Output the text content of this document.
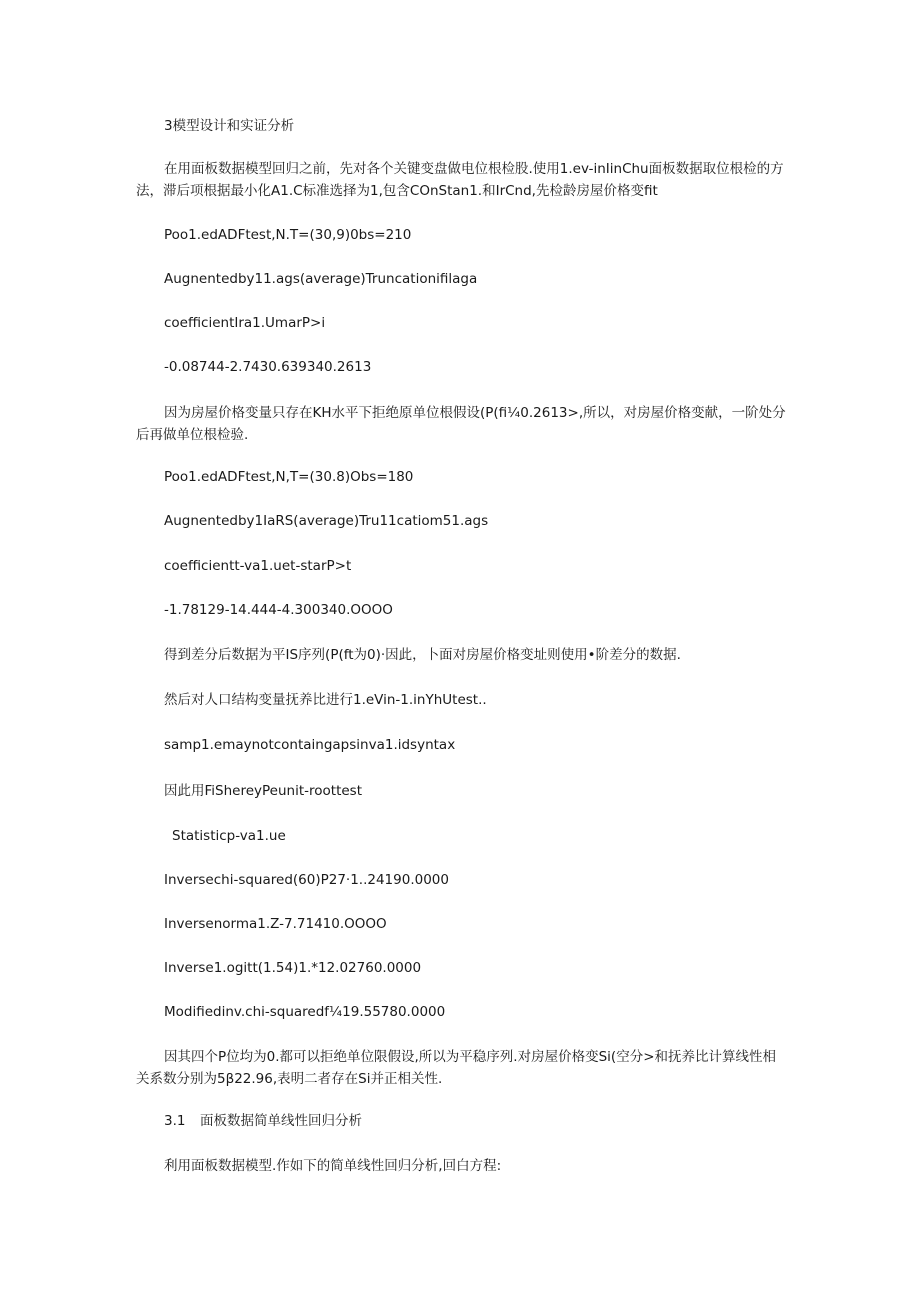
3模型设计和实证分析
在用面板数据模型回归之前，先对各个关键变盘做电位根检股.使用1.ev-inIinChu面板数据取位根检的方法，滞后项根据最小化A1.C标准选择为1,包含COnStan1.和IrCnd,先检龄房屋价格变fit
Poo1.edADFtest,N.T=(30,9)0bs=210
Augnentedby11.ags(average)Truncationifilaga
coefficientIra1.UmarP>i
-0.08744-2.7430.639340.2613
因为房屋价格变量只存在KH水平下拒绝原单位根假设(P(fi¼0.2613>,所以，对房屋价格变献，一阶处分后再做单位根检验.
Poo1.edADFtest,N,T=(30.8)Obs=180
Augnentedby1IaRS(average)Tru11catiom51.ags
coefficientt-va1.uet-starP>t
-1.78129-14.444-4.300340.OOOO
得到差分后数据为平IS序列(P(ft为0)·因此，卜面对房屋价格变址则使用•阶差分的数据.
然后对人口结构变量抚养比进行1.eVin-1.inYhUtest..
samp1.emaynotcontaingapsinva1.idsyntax
因此用FiShereyPeunit-roottest
Statisticp-va1.ue
Inversechi-squared(60)P27·1..24190.0000
Inversenorma1.Z-7.71410.OOOO
Inverse1.ogitt(1.54)1.*12.02760.0000
Modifiedinv.chi-squaredf¼19.55780.0000
因其四个P位均为0.都可以拒绝单位限假设,所以为平稳序列.对房屋价格变Si(空分>和抚养比计算线性相关系数分别为5β22.96,表明二者存在Si并正相关性.
3.1 面板数据简单线性回归分析
利用面板数据模型.作如下的简单线性回归分析,回白方程:
